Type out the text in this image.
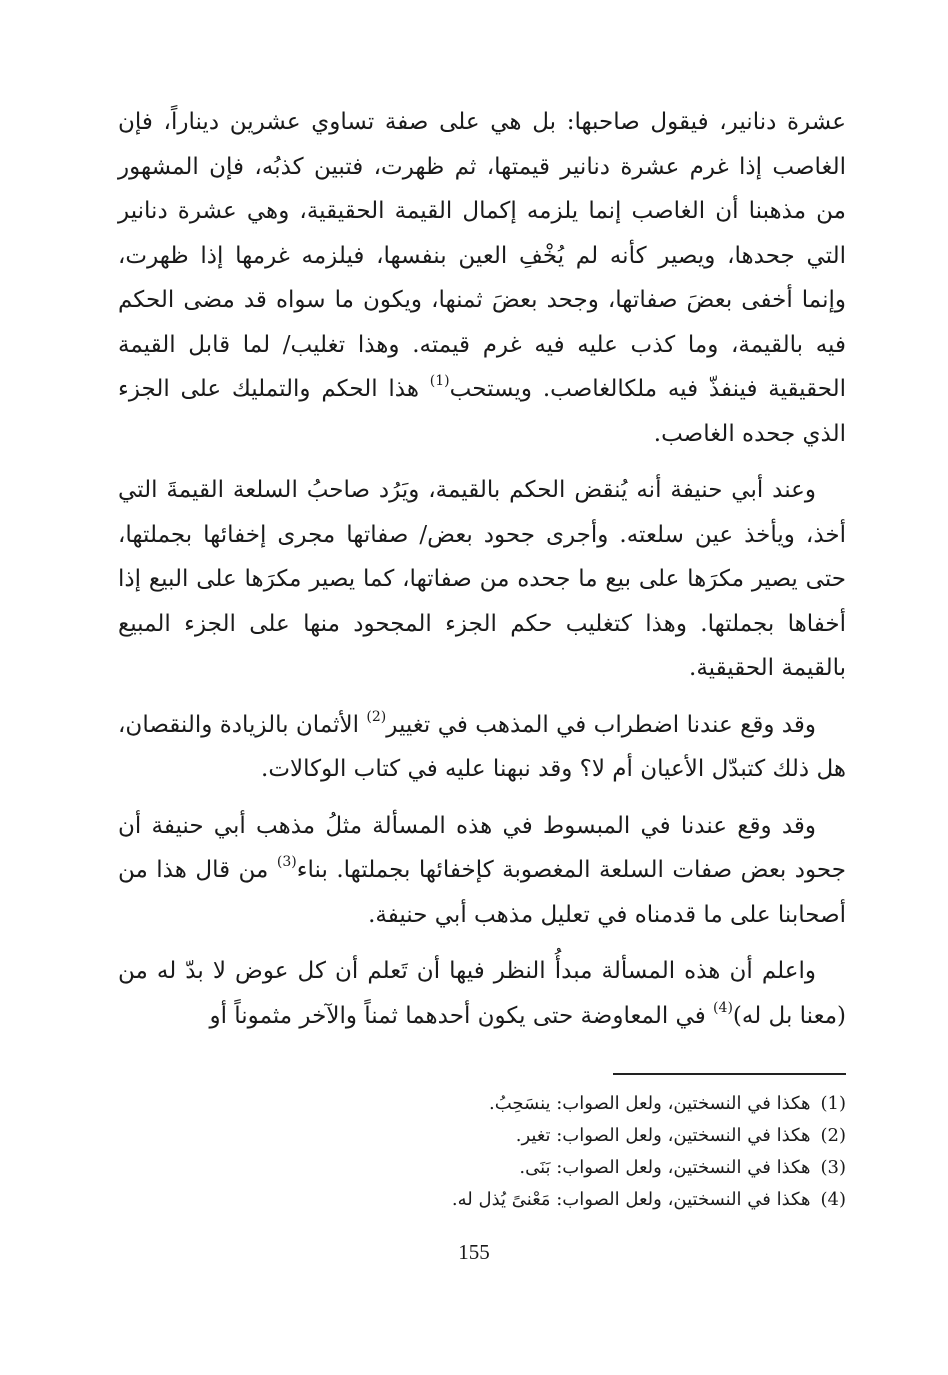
عشرة دنانير، فيقول صاحبها: بل هي على صفة تساوي عشرين ديناراً، فإن الغاصب إذا غرم عشرة دنانير قيمتها، ثم ظهرت، فتبين كذبُه، فإن المشهور من مذهبنا أن الغاصب إنما يلزمه إكمال القيمة الحقيقية، وهي عشرة دنانير التي جحدها، ويصير كأنه لم يُخْفِ العين بنفسها، فيلزمه غرمها إذا ظهرت، وإنما أخفى بعضَ صفاتها، وجحد بعضَ ثمنها، ويكون ما سواه قد مضى الحكم فيه بالقيمة، وما كذب عليه فيه غرم قيمته. وهذا تغليب/ لما قابل القيمة الحقيقية فينفذّ فيه ملكالغاصب. ويستحب$^{(1)}$ هذا الحكم والتمليك على الجزء الذي جحده الغاصب.

وعند أبي حنيفة أنه يُنقض الحكم بالقيمة، ويَرُد صاحبُ السلعة القيمةَ التي أخذ، ويأخذ عين سلعته. وأجرى جحود بعض/ صفاتها مجرى إخفائها بجملتها، حتى يصير مكرَها على بيع ما جحده من صفاتها، كما يصير مكرَها على البيع إذا أخفاها بجملتها. وهذا كتغليب حكم الجزء المجحود منها على الجزء المبيع بالقيمة الحقيقية.

وقد وقع عندنا اضطراب في المذهب في تغيير$^{(2)}$ الأثمان بالزيادة والنقصان، هل ذلك كتبدّل الأعيان أم لا؟ وقد نبهنا عليه في كتاب الوكالات.

وقد وقع عندنا في المبسوط في هذه المسألة مثلُ مذهب أبي حنيفة أن جحود بعض صفات السلعة المغصوبة كإخفائها بجملتها. بناء$^{(3)}$ من قال هذا من أصحابنا على ما قدمناه في تعليل مذهب أبي حنيفة.

واعلم أن هذه المسألة مبدأُ النظر فيها أن تَعلم أن كل عوض لا بدّ له من (معنا بل له)$^{(4)}$ في المعاوضة حتى يكون أحدهما ثمناً والآخر مثموناً أو

(1)هكذا في النسختين، ولعل الصواب: ينسَحِبُ.
(2)هكذا في النسختين، ولعل الصواب: تغير.
(3)هكذا في النسختين، ولعل الصواب: بَنَى.
(4)هكذا في النسختين، ولعل الصواب: مَعْنىً يُذل له.
155
